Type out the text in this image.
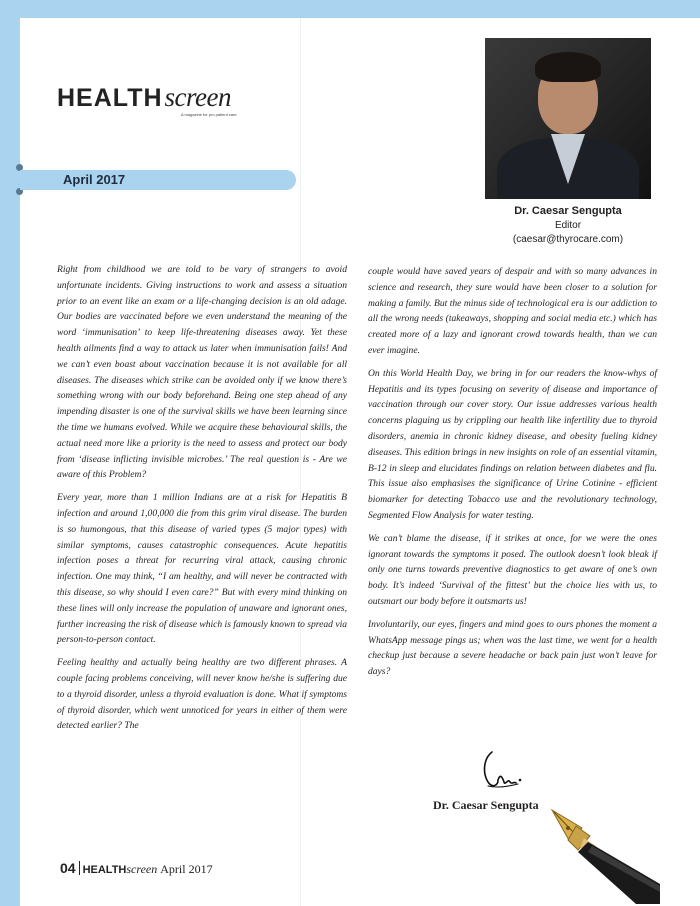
HEALTHscreen
A magazine for pro patient care
April 2017
Dr. Caesar Sengupta
Editor
(caesar@thyrocare.com)

Right from childhood we are told to be vary of strangers to avoid unfortunate incidents. Giving instructions to work and assess a situation prior to an event like an exam or a life-changing decision is an old adage. Our bodies are vaccinated before we even understand the meaning of the word ‘immunisation’ to keep life-threatening diseases away. Yet these health ailments find a way to attack us later when immunisation fails! And we can’t even boast about vaccination because it is not available for all diseases. The diseases which strike can be avoided only if we know there’s something wrong with our body beforehand. Being one step ahead of any impending disaster is one of the survival skills we have been learning since the time we humans evolved. While we acquire these behavioural skills, the actual need more like a priority is the need to assess and protect our body from ‘disease inflicting invisible microbes.’ The real question is - Are we aware of this Problem?

Every year, more than 1 million Indians are at a risk for Hepatitis B infection and around 1,00,000 die from this grim viral disease. The burden is so humongous, that this disease of varied types (5 major types) with similar symptoms, causes catastrophic consequences. Acute hepatitis infection poses a threat for recurring viral attack, causing chronic infection. One may think, “I am healthy, and will never be contracted with this disease, so why should I even care?” But with every mind thinking on these lines will only increase the population of unaware and ignorant ones, further increasing the risk of disease which is famously known to spread via person-to-person contact.

Feeling healthy and actually being healthy are two different phrases. A couple facing problems conceiving, will never know he/she is suffering due to a thyroid disorder, unless a thyroid evaluation is done. What if symptoms of thyroid disorder, which went unnoticed for years in either of them were detected earlier? The

couple would have saved years of despair and with so many advances in science and research, they sure would have been closer to a solution for making a family. But the minus side of technological era is our addiction to all the wrong needs (takeaways, shopping and social media etc.) which has created more of a lazy and ignorant crowd towards health, than we can ever imagine.

On this World Health Day, we bring in for our readers the know-whys of Hepatitis and its types focusing on severity of disease and importance of vaccination through our cover story. Our issue addresses various health concerns plaguing us by crippling our health like infertility due to thyroid disorders, anemia in chronic kidney disease, and obesity fueling kidney diseases. This edition brings in new insights on role of an essential vitamin, B-12 in sleep and elucidates findings on relation between diabetes and flu. This issue also emphasises the significance of Urine Cotinine - efficient biomarker for detecting Tobacco use and the revolutionary technology, Segmented Flow Analysis for water testing.

We can’t blame the disease, if it strikes at once, for we were the ones ignorant towards the symptoms it posed. The outlook doesn’t look bleak if only one turns towards preventive diagnostics to get aware of one’s own body. It’s indeed ‘Survival of the fittest’ but the choice lies with us, to outsmart our body before it outsmarts us!

Involuntarily, our eyes, fingers and mind goes to ours phones the moment a WhatsApp message pings us; when was the last time, we went for a health checkup just because a severe headache or back pain just won’t leave for days?

Dr. Caesar Sengupta
04 HEALTHscreen April 2017
